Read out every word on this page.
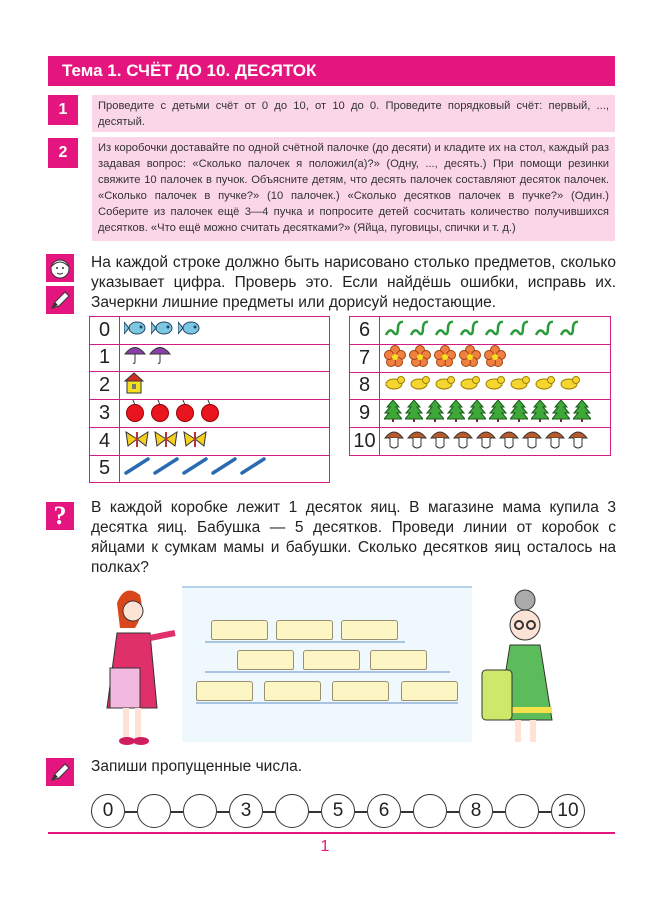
Тема 1. СЧЁТ ДО 10. ДЕСЯТОК
1	Проведите с детьми счёт от 0 до 10, от 10 до 0. Проведите порядковый счёт: первый, ..., десятый.
2	Из коробочки доставайте по одной счётной палочке (до десяти) и кладите их на стол, каждый раз задавая вопрос: «Сколько палочек я положил(а)?» (Одну, ..., десять.) При помощи резинки свяжите 10 палочек в пучок. Объясните детям, что десять палочек составляют десяток палочек. «Сколько палочек в пучке?» (10 палочек.) «Сколько десятков палочек в пучке?» (Один.) Соберите из палочек ещё 3—4 пучка и попросите детей сосчитать количество получившихся десятков. «Что ещё можно считать десятками?» (Яйца, пуговицы, спички и т. д.)
На каждой строке должно быть нарисовано столько предметов, сколько указывает цифра. Проверь это. Если найдёшь ошибки, исправь их. Зачеркни лишние предметы или дорисуй недостающие.
0	
1	
2	
3	
4	
5	
6	
7	
8	
9	
10	
? В каждой коробке лежит 1 десяток яиц. В магазине мама купила 3 десятка яиц. Бабушка — 5 десятков. Проведи линии от коробок с яйцами к сумкам мамы и бабушки. Сколько десятков яиц осталось на полках?
Запиши пропущенные числа.
0	3	5	6	8	10
1
